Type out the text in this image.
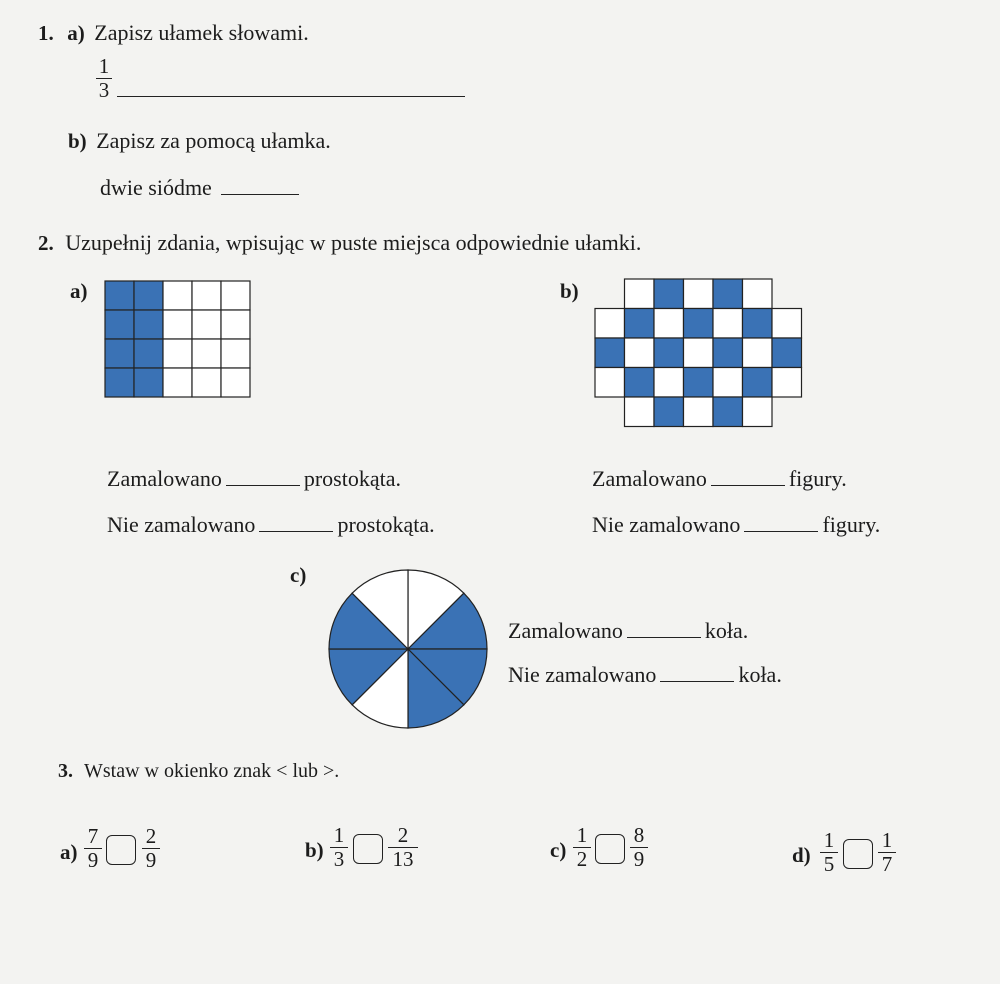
1. a) Zapisz ułamek słowami.
1
3
b) Zapisz za pomocą ułamka.
dwie siódme
2. Uzupełnij zdania, wpisując w puste miejsca odpowiednie ułamki.
a)
Zamalowano	prostokąta.
Nie zamalowano	prostokąta.
b)
Zamalowano	figury.
Nie zamalowano	figury.
c)
Zamalowano	koła.
Nie zamalowano	koła.
3. Wstaw w okienko znak < lub >.
a)
7
9
2
9	b)
1
3
2
13	c)
1
2
8
9	d)
1
5
1
7
